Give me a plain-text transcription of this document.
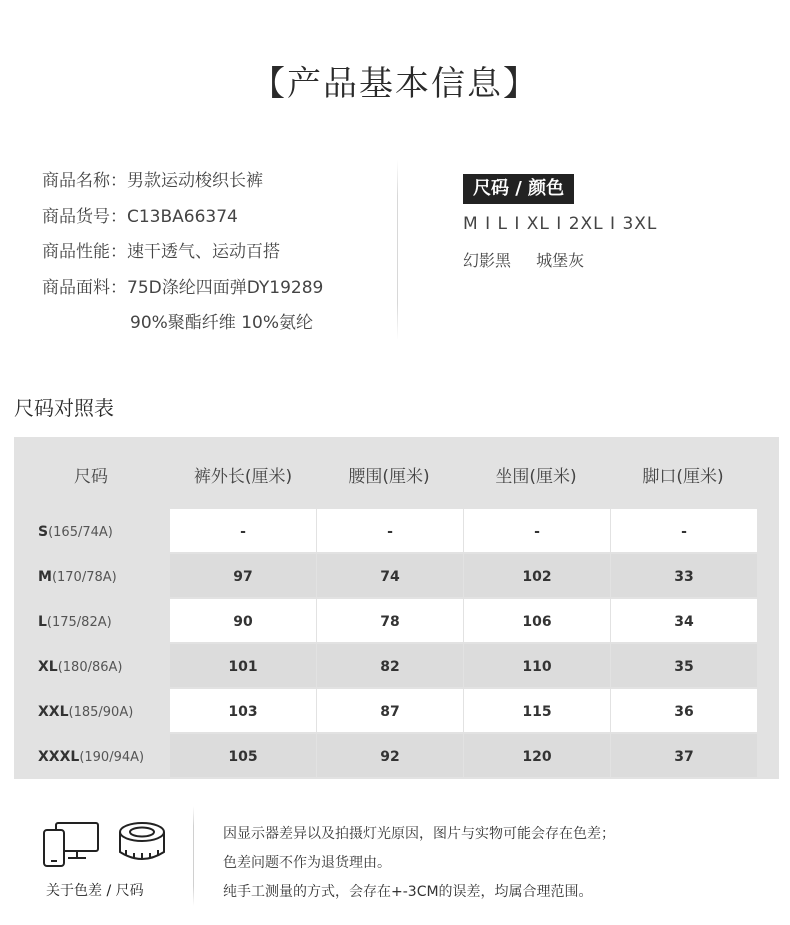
【产品基本信息】
商品名称：男款运动梭织长裤
商品货号：C13BA66374
商品性能：速干透气、运动百搭
商品面料：75D涤纶四面弹DY19289
90%聚酯纤维 10%氨纶
尺码 / 颜色
M I L I XL I 2XL I 3XL
幻影黑 城堡灰
尺码对照表
尺码	裤外长(厘米)	腰围(厘米)	坐围(厘米)	脚口(厘米)
S(165/74A)	-	-	-	-
M(170/78A)	97	74	102	33
L(175/82A)	90	78	106	34
XL(180/86A)	101	82	110	35
XXL(185/90A)	103	87	115	36
XXXL(190/94A)	105	92	120	37
关于色差 / 尺码
因显示器差异以及拍摄灯光原因，图片与实物可能会存在色差；
色差问题不作为退货理由。
纯手工测量的方式，会存在+-3CM的误差，均属合理范围。
